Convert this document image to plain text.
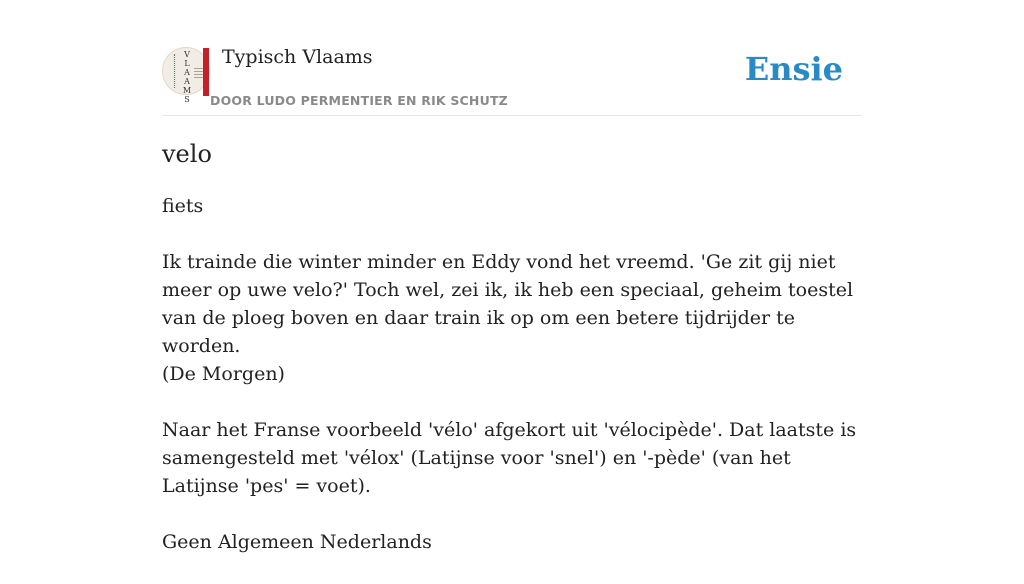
V L A A M S
Typisch Vlaams
DOOR LUDO PERMENTIER EN RIK SCHUTZ
Ensie
velo

fiets

Ik trainde die winter minder en Eddy vond het vreemd. 'Ge zit gij niet meer op uwe velo?' Toch wel, zei ik, ik heb een speciaal, geheim toestel van de ploeg boven en daar train ik op om een betere tijdrijder te worden.
(De Morgen)

Naar het Franse voorbeeld 'vélo' afgekort uit 'vélocipède'. Dat laatste is samengesteld met 'vélox' (Latijnse voor 'snel') en '-pède' (van het Latijnse 'pes' = voet).

Geen Algemeen Nederlands
